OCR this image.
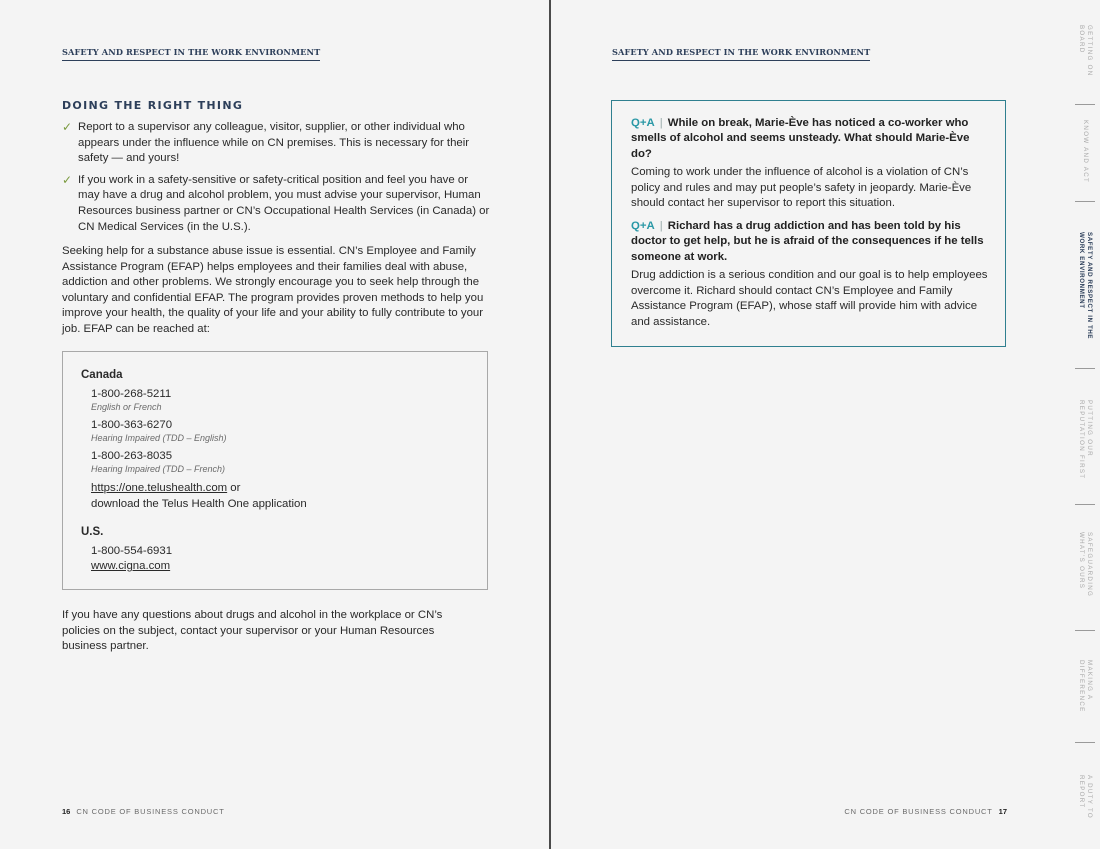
SAFETY AND RESPECT IN THE WORK ENVIRONMENT
DOING THE RIGHT THING
✓ Report to a supervisor any colleague, visitor, supplier, or other individual who appears under the influence while on CN premises. This is necessary for their safety — and yours!
✓ If you work in a safety-sensitive or safety-critical position and feel you have or may have a drug and alcohol problem, you must advise your supervisor, Human Resources business partner or CN’s Occupational Health Services (in Canada) or CN Medical Services (in the U.S.).

Seeking help for a substance abuse issue is essential. CN’s Employee and Family Assistance Program (EFAP) helps employees and their families deal with abuse, addiction and other problems. We strongly encourage you to seek help through the voluntary and confidential EFAP. The program provides proven methods to help you improve your health, the quality of your life and your ability to fully contribute to your job. EFAP can be reached at:

Canada
1-800-268-5211
English or French
1-800-363-6270
Hearing Impaired (TDD – English)
1-800-263-8035
Hearing Impaired (TDD – French)
https://one.telushealth.com or
download the Telus Health One application
U.S.
1-800-554-6931
www.cigna.com

If you have any questions about drugs and alcohol in the workplace or CN’s policies on the subject, contact your supervisor or your Human Resources business partner.

16 CN CODE OF BUSINESS CONDUCT
SAFETY AND RESPECT IN THE WORK ENVIRONMENT
CN CODE OF BUSINESS CONDUCT 17

Q+A | While on break, Marie-Ève has noticed a co-worker who smells of alcohol and seems unsteady. What should Marie-Ève do?

Coming to work under the influence of alcohol is a violation of CN’s policy and rules and may put people’s safety in jeopardy. Marie-Ève should contact her supervisor to report this situation.

Q+A | Richard has a drug addiction and has been told by his doctor to get help, but he is afraid of the consequences if he tells someone at work.

Drug addiction is a serious condition and our goal is to help employees overcome it. Richard should contact CN’s Employee and Family Assistance Program (EFAP), whose staff will provide him with advice and assistance.

GETTING ON BOARD
KNOW AND ACT
SAFETY AND RESPECT IN THE WORK ENVIRONMENT
PUTTING OUR REPUTATION FIRST
SAFEGUARDING WHAT’S OURS
MAKING A DIFFERENCE
A DUTY TO REPORT
